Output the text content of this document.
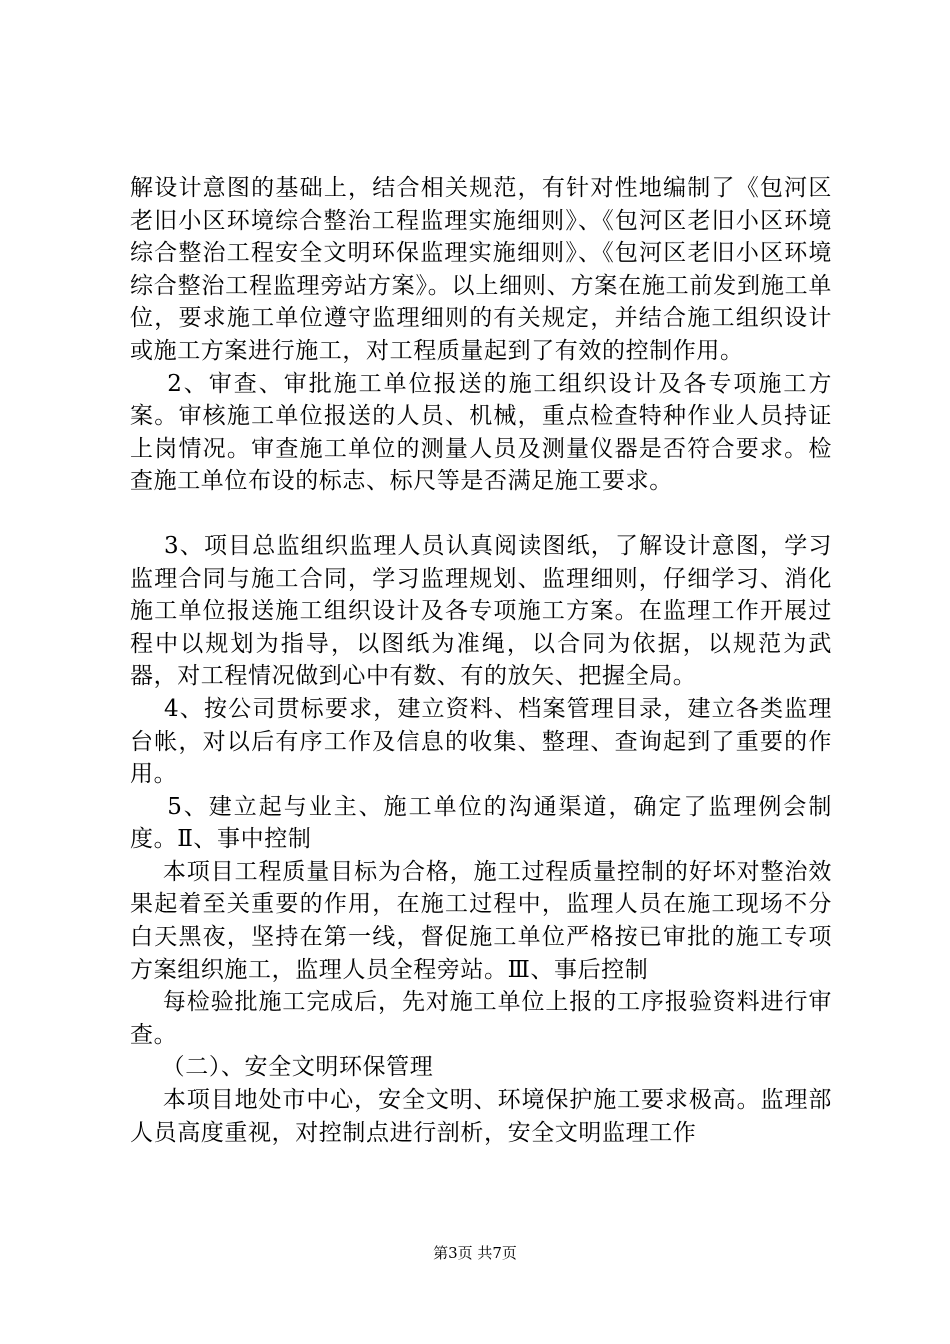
解设计意图的基础上，结合相关规范，有针对性地编制了《包河区老旧小区环境综合整治工程监理实施细则》、《包河区老旧小区环境综合整治工程安全文明环保监理实施细则》、《包河区老旧小区环境综合整治工程监理旁站方案》。以上细则、方案在施工前发到施工单位，要求施工单位遵守监理细则的有关规定，并结合施工组织设计或施工方案进行施工，对工程质量起到了有效的控制作用。

2、审查、审批施工单位报送的施工组织设计及各专项施工方案。审核施工单位报送的人员、机械，重点检查特种作业人员持证上岗情况。审查施工单位的测量人员及测量仪器是否符合要求。检查施工单位布设的标志、标尺等是否满足施工要求。

3、项目总监组织监理人员认真阅读图纸，了解设计意图，学习监理合同与施工合同，学习监理规划、监理细则，仔细学习、消化施工单位报送施工组织设计及各专项施工方案。在监理工作开展过程中以规划为指导，以图纸为准绳，以合同为依据，以规范为武器，对工程情况做到心中有数、有的放矢、把握全局。

4、按公司贯标要求，建立资料、档案管理目录，建立各类监理台帐，对以后有序工作及信息的收集、整理、查询起到了重要的作用。

5、建立起与业主、施工单位的沟通渠道，确定了监理例会制度。Ⅱ、事中控制

本项目工程质量目标为合格，施工过程质量控制的好坏对整治效果起着至关重要的作用，在施工过程中，监理人员在施工现场不分白天黑夜，坚持在第一线，督促施工单位严格按已审批的施工专项方案组织施工，监理人员全程旁站。Ⅲ、事后控制

每检验批施工完成后，先对施工单位上报的工序报验资料进行审查。

（二）、安全文明环保管理

本项目地处市中心，安全文明、环境保护施工要求极高。监理部人员高度重视，对控制点进行剖析，安全文明监理工作

第3页 共7页
